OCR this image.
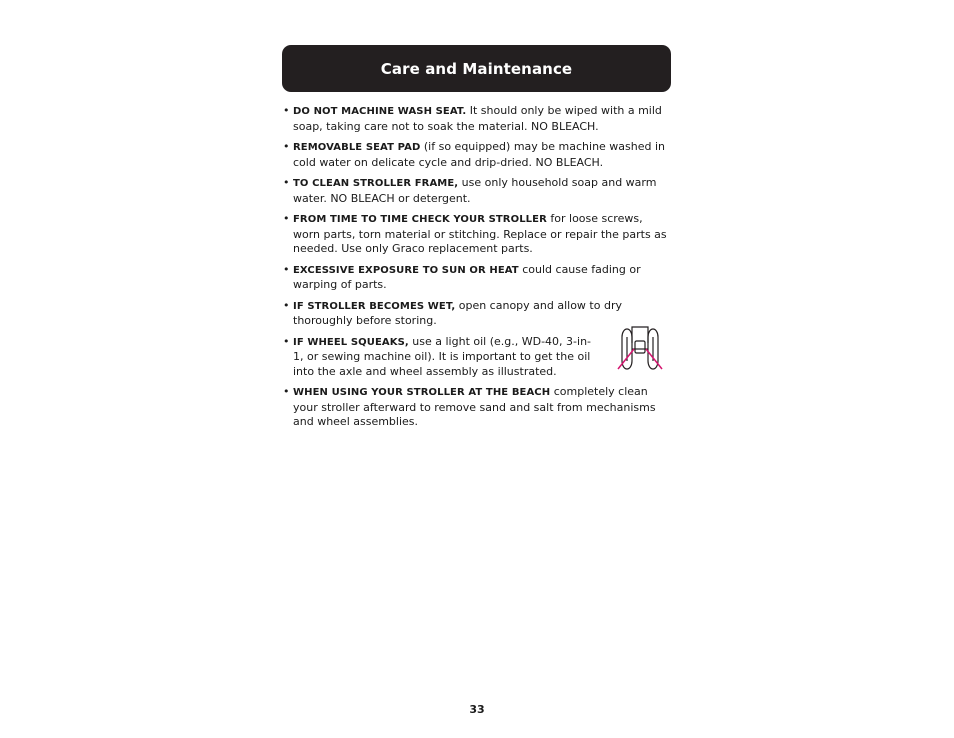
Care and Maintenance
• DO NOT MACHINE WASH SEAT. It should only be wiped with a mild soap, taking care not to soak the material. NO BLEACH.
• REMOVABLE SEAT PAD (if so equipped) may be machine washed in cold water on delicate cycle and drip-dried. NO BLEACH.
• TO CLEAN STROLLER FRAME, use only household soap and warm water. NO BLEACH or detergent.
• FROM TIME TO TIME CHECK YOUR STROLLER for loose screws, worn parts, torn material or stitching. Replace or repair the parts as needed. Use only Graco replacement parts.
• EXCESSIVE EXPOSURE TO SUN OR HEAT could cause fading or warping of parts.
• IF STROLLER BECOMES WET, open canopy and allow to dry thoroughly before storing.
• IF WHEEL SQUEAKS, use a light oil (e.g., WD-40, 3-in-1, or sewing machine oil). It is important to get the oil into the axle and wheel assembly as illustrated.
• WHEN USING YOUR STROLLER AT THE BEACH completely clean your stroller afterward to remove sand and salt from mechanisms and wheel assemblies.
33
